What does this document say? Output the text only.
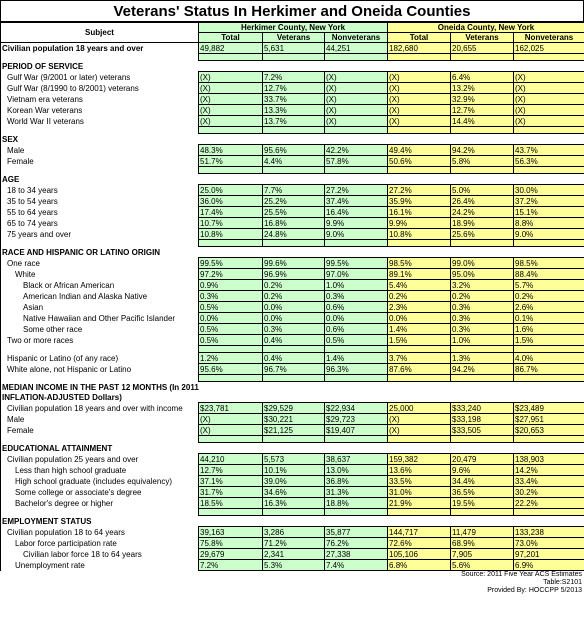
Veterans' Status In Herkimer and Oneida Counties
Subject	Herkimer County, New York			Oneida County, New York		
	Total	Veterans	Nonveterans	Total	Veterans	Nonveterans
Civilian population 18 years and over	49,882	5,631	44,251	182,680	20,655	162,025

PERIOD OF SERVICE						
Gulf War (9/2001 or later) veterans	(X)	7.2%	(X)	(X)	6.4%	(X)
Gulf War (8/1990 to 8/2001) veterans	(X)	12.7%	(X)	(X)	13.2%	(X)
Vietnam era veterans	(X)	33.7%	(X)	(X)	32.9%	(X)
Korean War veterans	(X)	13.3%	(X)	(X)	12.7%	(X)
World War II veterans	(X)	13.7%	(X)	(X)	14.4%	(X)

SEX						
Male	48.3%	95.6%	42.2%	49.4%	94.2%	43.7%
Female	51.7%	4.4%	57.8%	50.6%	5.8%	56.3%

AGE						
18 to 34 years	25.0%	7.7%	27.2%	27.2%	5.0%	30.0%
35 to 54 years	36.0%	25.2%	37.4%	35.9%	26.4%	37.2%
55 to 64 years	17.4%	25.5%	16.4%	16.1%	24.2%	15.1%
65 to 74 years	10.7%	16.8%	9.9%	9.9%	18.9%	8.8%
75 years and over	10.8%	24.8%	9.0%	10.8%	25.6%	9.0%

RACE AND HISPANIC OR LATINO ORIGIN						
One race	99.5%	99.6%	99.5%	98.5%	99.0%	98.5%
White	97.2%	96.9%	97.0%	89.1%	95.0%	88.4%
Black or African American	0.9%	0.2%	1.0%	5.4%	3.2%	5.7%
American Indian and Alaska Native	0.3%	0.2%	0.3%	0.2%	0.2%	0.2%
Asian	0.5%	0.0%	0.6%	2.3%	0.3%	2.6%
Native Hawaiian and Other Pacific Islander	0.0%	0.0%	0.0%	0.0%	0.3%	0.1%
Some other race	0.5%	0.3%	0.6%	1.4%	0.3%	1.6%
Two or more races	0.5%	0.4%	0.5%	1.5%	1.0%	1.5%

Hispanic or Latino (of any race)	1.2%	0.4%	1.4%	3.7%	1.3%	4.0%
White alone, not Hispanic or Latino	95.6%	96.7%	96.3%	87.6%	94.2%	86.7%

MEDIAN INCOME IN THE PAST 12 MONTHS (In 2011						
INFLATION-ADJUSTED Dollars)						
Civilian population 18 years and over with income	$23,781	$29,529	$22,934	25,000	$33,240	$23,489
Male	(X)	$30,221	$29,723	(X)	$33,198	$27,951
Female	(X)	$21,125	$19,407	(X)	$33,505	$20,653

EDUCATIONAL ATTAINMENT						
Civilian population 25 years and over	44,210	5,573	38,637	159,382	20,479	138,903
Less than high school graduate	12.7%	10.1%	13.0%	13.6%	9.6%	14.2%
High school graduate (includes equivalency)	37.1%	39.0%	36.8%	33.5%	34.4%	33.4%
Some college or associate's degree	31.7%	34.6%	31.3%	31.0%	36.5%	30.2%
Bachelor's degree or higher	18.5%	16.3%	18.8%	21.9%	19.5%	22.2%

EMPLOYMENT STATUS						
Civilian population 18 to 64 years	39,163	3,286	35,877	144,717	11,479	133,238
Labor force participation rate	75.8%	71.2%	76.2%	72.6%	68.9%	73.0%
Civilian labor force 18 to 64 years	29,679	2,341	27,338	105,106	7,905	97,201
Unemployment rate	7.2%	5.3%	7.4%	6.8%	5.6%	6.9%
Source: 2011 Five Year ACS Estimates
Table:S2101
Provided By: HOCCPP 5/2013
